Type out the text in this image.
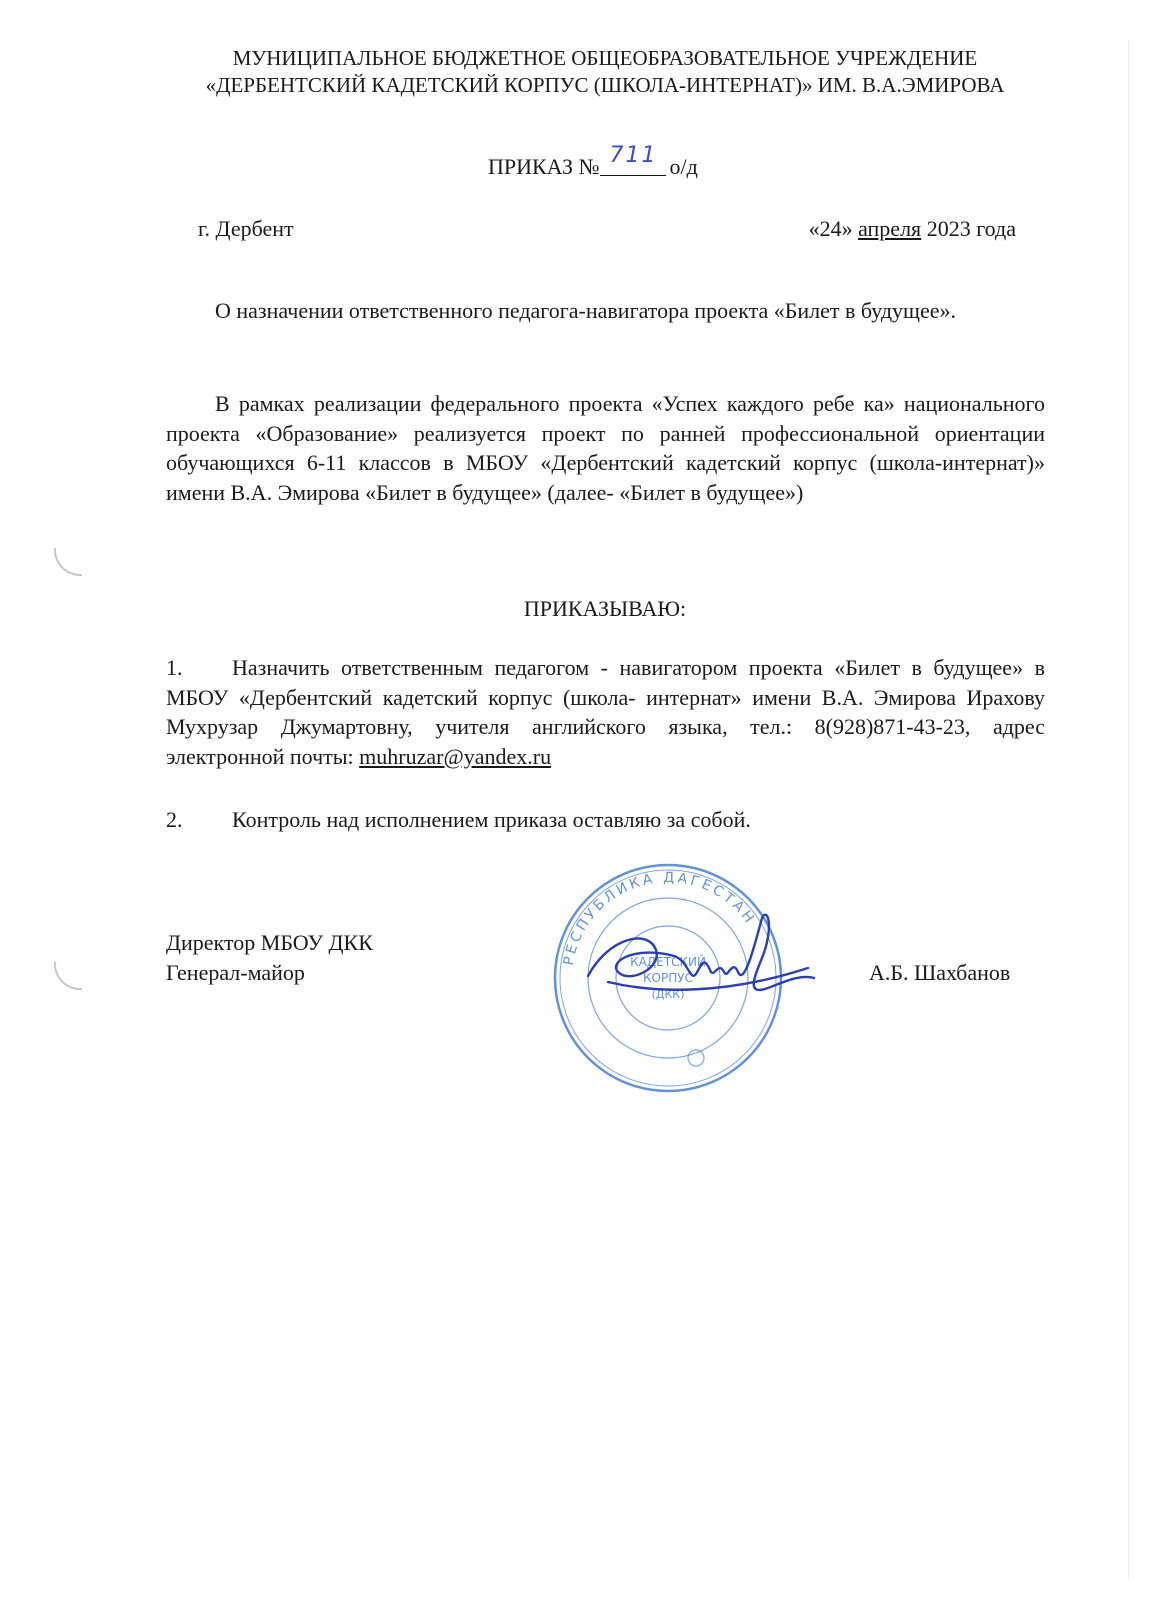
МУНИЦИПАЛЬНОЕ БЮДЖЕТНОЕ ОБЩЕОБРАЗОВАТЕЛЬНОЕ УЧРЕЖДЕНИЕ
«ДЕРБЕНТСКИЙ КАДЕТСКИЙ КОРПУС (ШКОЛА-ИНТЕРНАТ)» ИМ. В.А.ЭМИРОВА
ПРИКАЗ № 711 о/д
г. Дербент	«24» апреля 2023 года
О назначении ответственного педагога-навигатора проекта «Билет в будущее».
В рамках реализации федерального проекта «Успех каждого ребе ка» национального проекта «Образование» реализуется проект по ранней профессиональной ориентации обучающихся 6-11 классов в МБОУ «Дербентский кадетский корпус (школа-интернат)» имени В.А. Эмирова «Билет в будущее» (далее- «Билет в будущее»)
ПРИКАЗЫВАЮ:
1. Назначить ответственным педагогом - навигатором проекта «Билет в будущее» в МБОУ «Дербентский кадетский корпус (школа- интернат» имени В.А. Эмирова Ирахову Мухрузар Джумартовну, учителя английского языка, тел.: 8(928)871-43-23, адрес электронной почты: muhruzar@yandex.ru
2. Контроль над исполнением приказа оставляю за собой.
Директор МБОУ ДКК
Генерал-майор
РЕСПУБЛИКА ДАГЕСТАН
КАДЕТСКИЙ
КОРПУС
(ДКК)
А.Б. Шахбанов
